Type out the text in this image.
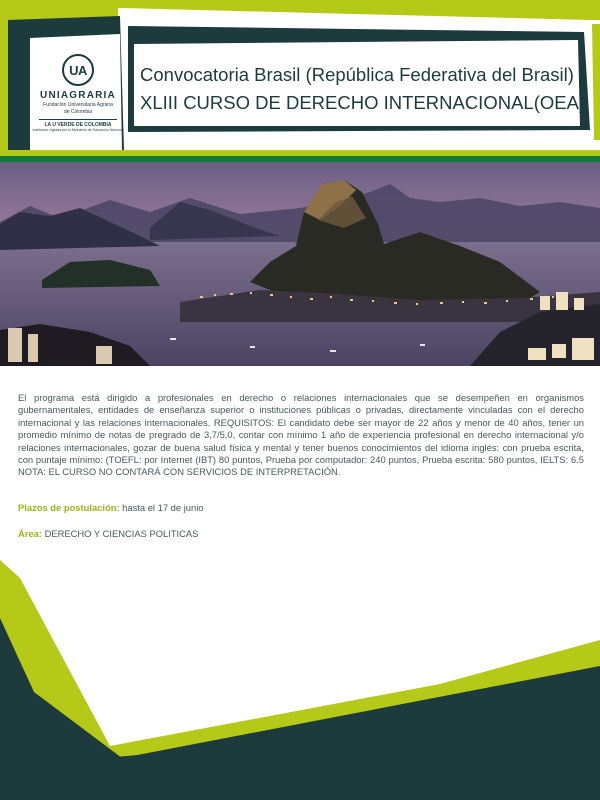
UA
UNIAGRARIA
Fundación Universitaria Agraria
de Colombia
LA U VERDE DE COLOMBIA
Institución vigilada por el Ministerio de Educación Nacional
Convocatoria Brasil (República Federativa del Brasil)
XLIII CURSO DE DERECHO INTERNACIONAL(OEA)
El programa está dirigido a profesionales en derecho o relaciones internacionales que se desempeñen en organismos gubernamentales, entidades de enseñanza superior o instituciones públicas o privadas, directamente vinculadas con el derecho internacional y las relaciones internacionales. REQUISITOS: El candidato debe ser mayor de 22 años y menor de 40 años, tener un promedio mínimo de notas de pregrado de 3,7/5,0, contar con mínimo 1 año de experiencia profesional en derecho internacional y/o relaciones internacionales, gozar de buena salud física y mental y tener buenos conocimientos del idioma inglés: con prueba escrita, con puntaje mínimo: (TOEFL: por Internet (IBT) 80 puntos, Prueba por computador: 240 puntos, Prueba escrita: 580 puntos, IELTS: 6.5 NOTA: EL CURSO NO CONTARÁ CON SERVICIOS DE INTERPRETACIÓN.
Plazos de postulación: hasta el 17 de junio
Área: DERECHO Y CIENCIAS POLITICAS
